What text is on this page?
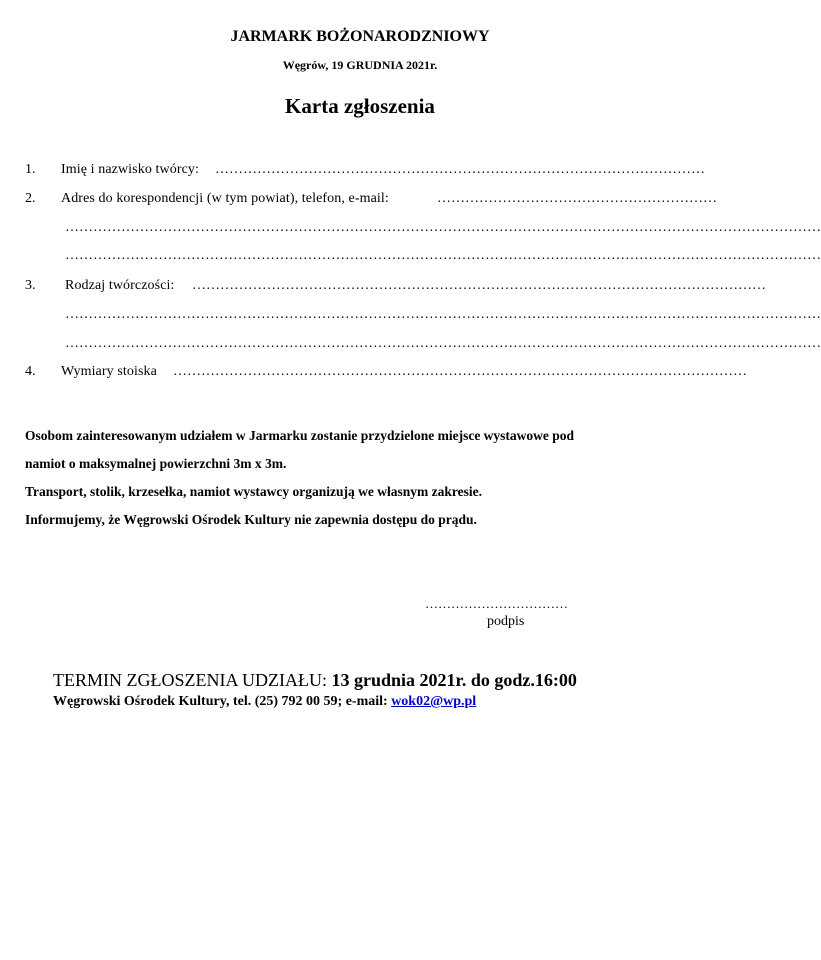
JARMARK BOŻONARODZNIOWY
Węgrów, 19 GRUDNIA 2021r.
Karta zgłoszenia
1. Imię i nazwisko twórcy: ……………………………………………………………………………………………
2. Adres do korespondencji (w tym powiat), telefon, e-mail:	……………………………………………………
………………………………………………………………………………………………………………………………………………
………………………………………………………………………………………………………………………………………………
3. Rodzaj twórczości: ……………………………………………………………………………………………………………
………………………………………………………………………………………………………………………………………………
………………………………………………………………………………………………………………………………………………
4. Wymiary stoiska ……………………………………………………………………………………………………………
Osobom zainteresowanym udziałem w Jarmarku zostanie przydzielone miejsce wystawowe pod
namiot o maksymalnej powierzchni 3m x 3m.
Transport, stolik, krzesełka, namiot wystawcy organizują we własnym zakresie.
Informujemy, że Węgrowski Ośrodek Kultury nie zapewnia dostępu do prądu.
……………………………
podpis
TERMIN ZGŁOSZENIA UDZIAŁU: 13 grudnia 2021r. do godz.16:00
Węgrowski Ośrodek Kultury, tel. (25) 792 00 59; e-mail: wok02@wp.pl
